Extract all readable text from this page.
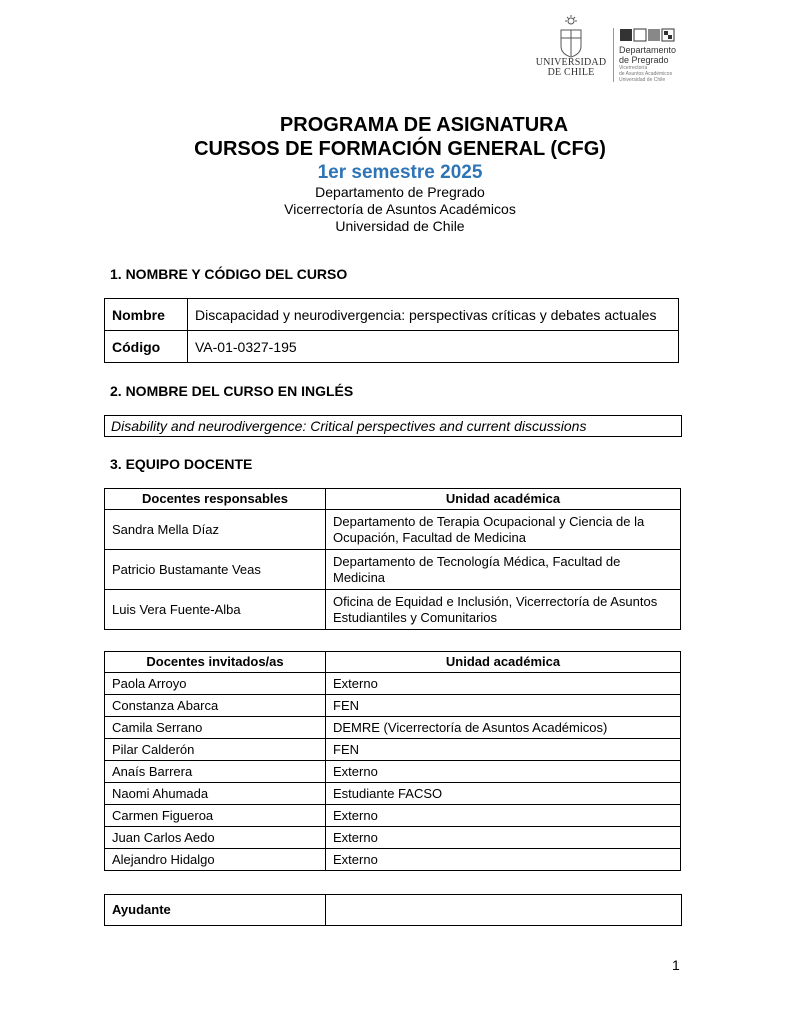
UNIVERSIDAD
DE CHILE
Departamento
de Pregrado
Vicerrectoría
de Asuntos Académicos
Universidad de Chile
PROGRAMA DE ASIGNATURA
CURSOS DE FORMACIÓN GENERAL (CFG)
1er semestre 2025
Departamento de Pregrado
Vicerrectoría de Asuntos Académicos
Universidad de Chile
1. NOMBRE Y CÓDIGO DEL CURSO
Nombre	Discapacidad y neurodivergencia: perspectivas críticas y debates actuales
Código	VA-01-0327-195
2. NOMBRE DEL CURSO EN INGLÉS
Disability and neurodivergence: Critical perspectives and current discussions
3. EQUIPO DOCENTE
Docentes responsables	Unidad académica
Sandra Mella Díaz	Departamento de Terapia Ocupacional y Ciencia de la Ocupación, Facultad de Medicina
Patricio Bustamante Veas	Departamento de Tecnología Médica, Facultad de Medicina
Luis Vera Fuente-Alba	Oficina de Equidad e Inclusión, Vicerrectoría de Asuntos Estudiantiles y Comunitarios
Docentes invitados/as	Unidad académica
Paola Arroyo	Externo
Constanza Abarca	FEN
Camila Serrano	DEMRE (Vicerrectoría de Asuntos Académicos)
Pilar Calderón	FEN
Anaís Barrera	Externo
Naomi Ahumada	Estudiante FACSO
Carmen Figueroa	Externo
Juan Carlos Aedo	Externo
Alejandro Hidalgo	Externo
Ayudante	
1
